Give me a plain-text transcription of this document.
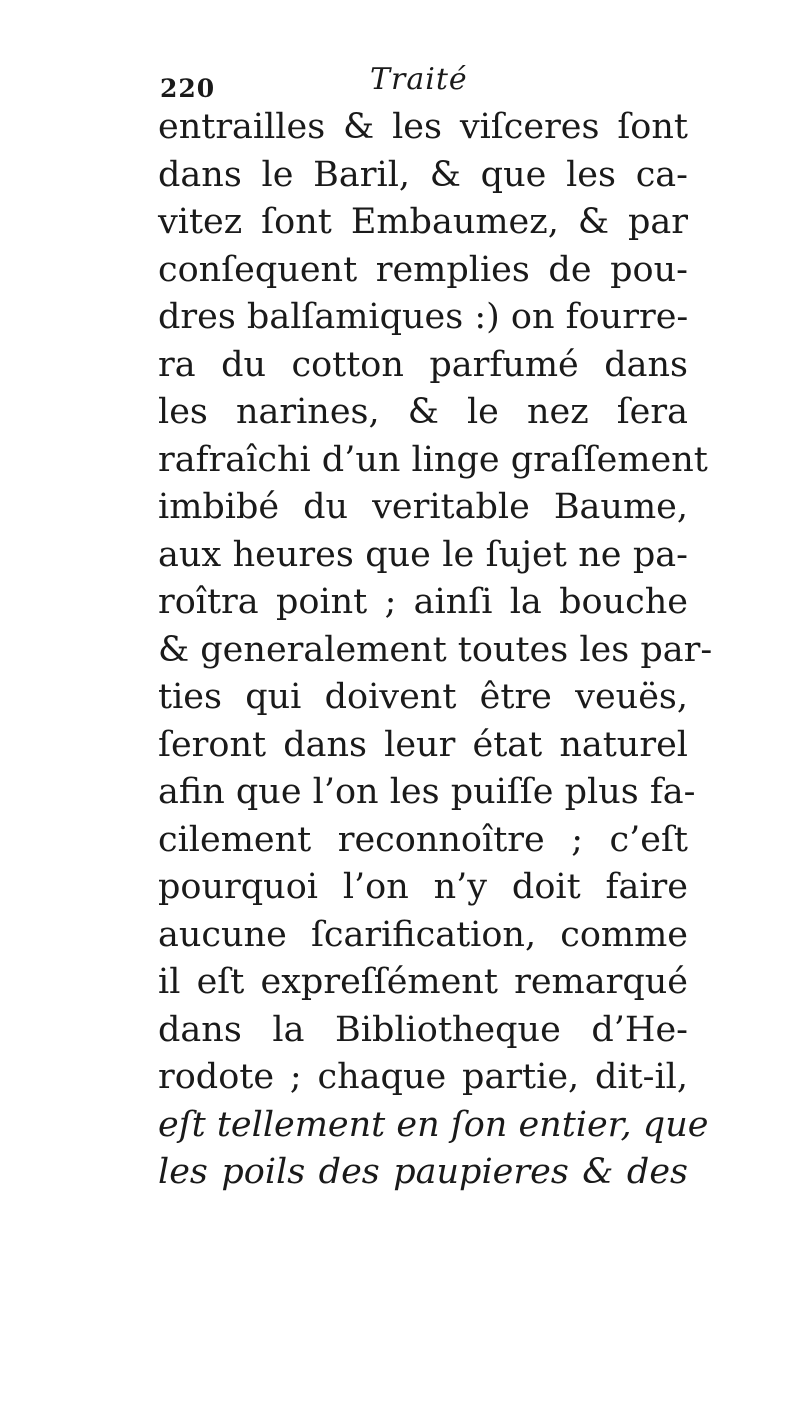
220	Traité
entrailles & les viſceres ſont
dans le Baril, & que les ca-
vitez ſont Embaumez, & par
conſequent remplies de pou-
dres balſamiques :) on fourre-
ra du cotton parfumé dans
les narines, & le nez ſera
rafraîchi d’un linge graſſement
imbibé du veritable Baume,
aux heures que le ſujet ne pa-
roîtra point ; ainſi la bouche
& generalement toutes les par-
ties qui doivent être veuës,
ſeront dans leur état naturel
afin que l’on les puiſſe plus fa-
cilement reconnoître ; c’eſt
pourquoi l’on n’y doit faire
aucune ſcarification, comme
il eſt expreſſément remarqué
dans la Bibliotheque d’He-
rodote ; chaque partie, dit-il,
eſt tellement en ſon entier, que
les poils des paupieres & des
